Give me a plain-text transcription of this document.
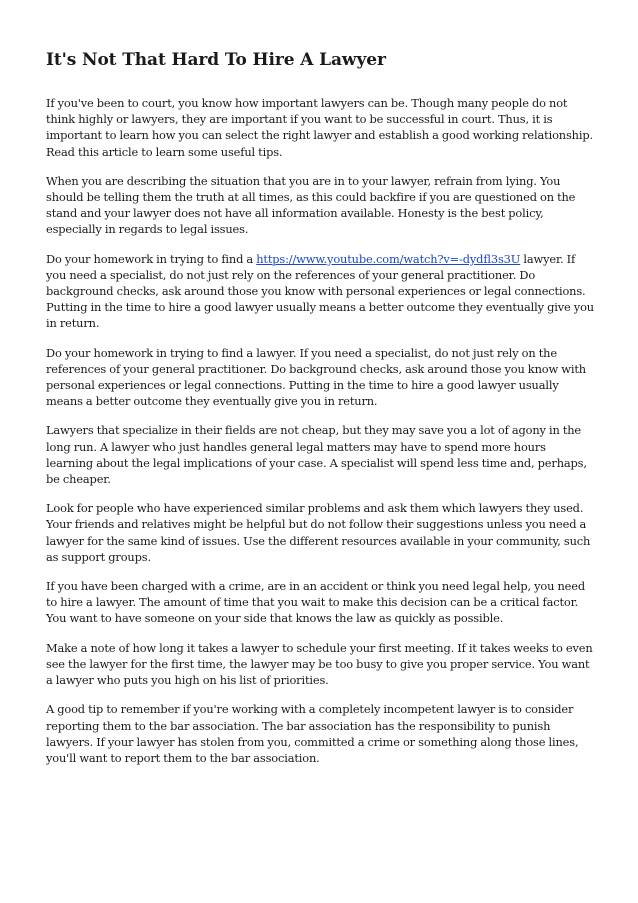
It's Not That Hard To Hire A Lawyer

If you've been to court, you know how important lawyers can be. Though many people do not think highly or lawyers, they are important if you want to be successful in court. Thus, it is important to learn how you can select the right lawyer and establish a good working relationship. Read this article to learn some useful tips.

When you are describing the situation that you are in to your lawyer, refrain from lying. You should be telling them the truth at all times, as this could backfire if you are questioned on the stand and your lawyer does not have all information available. Honesty is the best policy, especially in regards to legal issues.

Do your homework in trying to find a https://www.youtube.com/watch?v=-dydfl3s3U lawyer. If you need a specialist, do not just rely on the references of your general practitioner. Do background checks, ask around those you know with personal experiences or legal connections. Putting in the time to hire a good lawyer usually means a better outcome they eventually give you in return.

Do your homework in trying to find a lawyer. If you need a specialist, do not just rely on the references of your general practitioner. Do background checks, ask around those you know with personal experiences or legal connections. Putting in the time to hire a good lawyer usually means a better outcome they eventually give you in return.

Lawyers that specialize in their fields are not cheap, but they may save you a lot of agony in the long run. A lawyer who just handles general legal matters may have to spend more hours learning about the legal implications of your case. A specialist will spend less time and, perhaps, be cheaper.

Look for people who have experienced similar problems and ask them which lawyers they used. Your friends and relatives might be helpful but do not follow their suggestions unless you need a lawyer for the same kind of issues. Use the different resources available in your community, such as support groups.

If you have been charged with a crime, are in an accident or think you need legal help, you need to hire a lawyer. The amount of time that you wait to make this decision can be a critical factor. You want to have someone on your side that knows the law as quickly as possible.

Make a note of how long it takes a lawyer to schedule your first meeting. If it takes weeks to even see the lawyer for the first time, the lawyer may be too busy to give you proper service. You want a lawyer who puts you high on his list of priorities.

A good tip to remember if you're working with a completely incompetent lawyer is to consider reporting them to the bar association. The bar association has the responsibility to punish lawyers. If your lawyer has stolen from you, committed a crime or something along those lines, you'll want to report them to the bar association.
